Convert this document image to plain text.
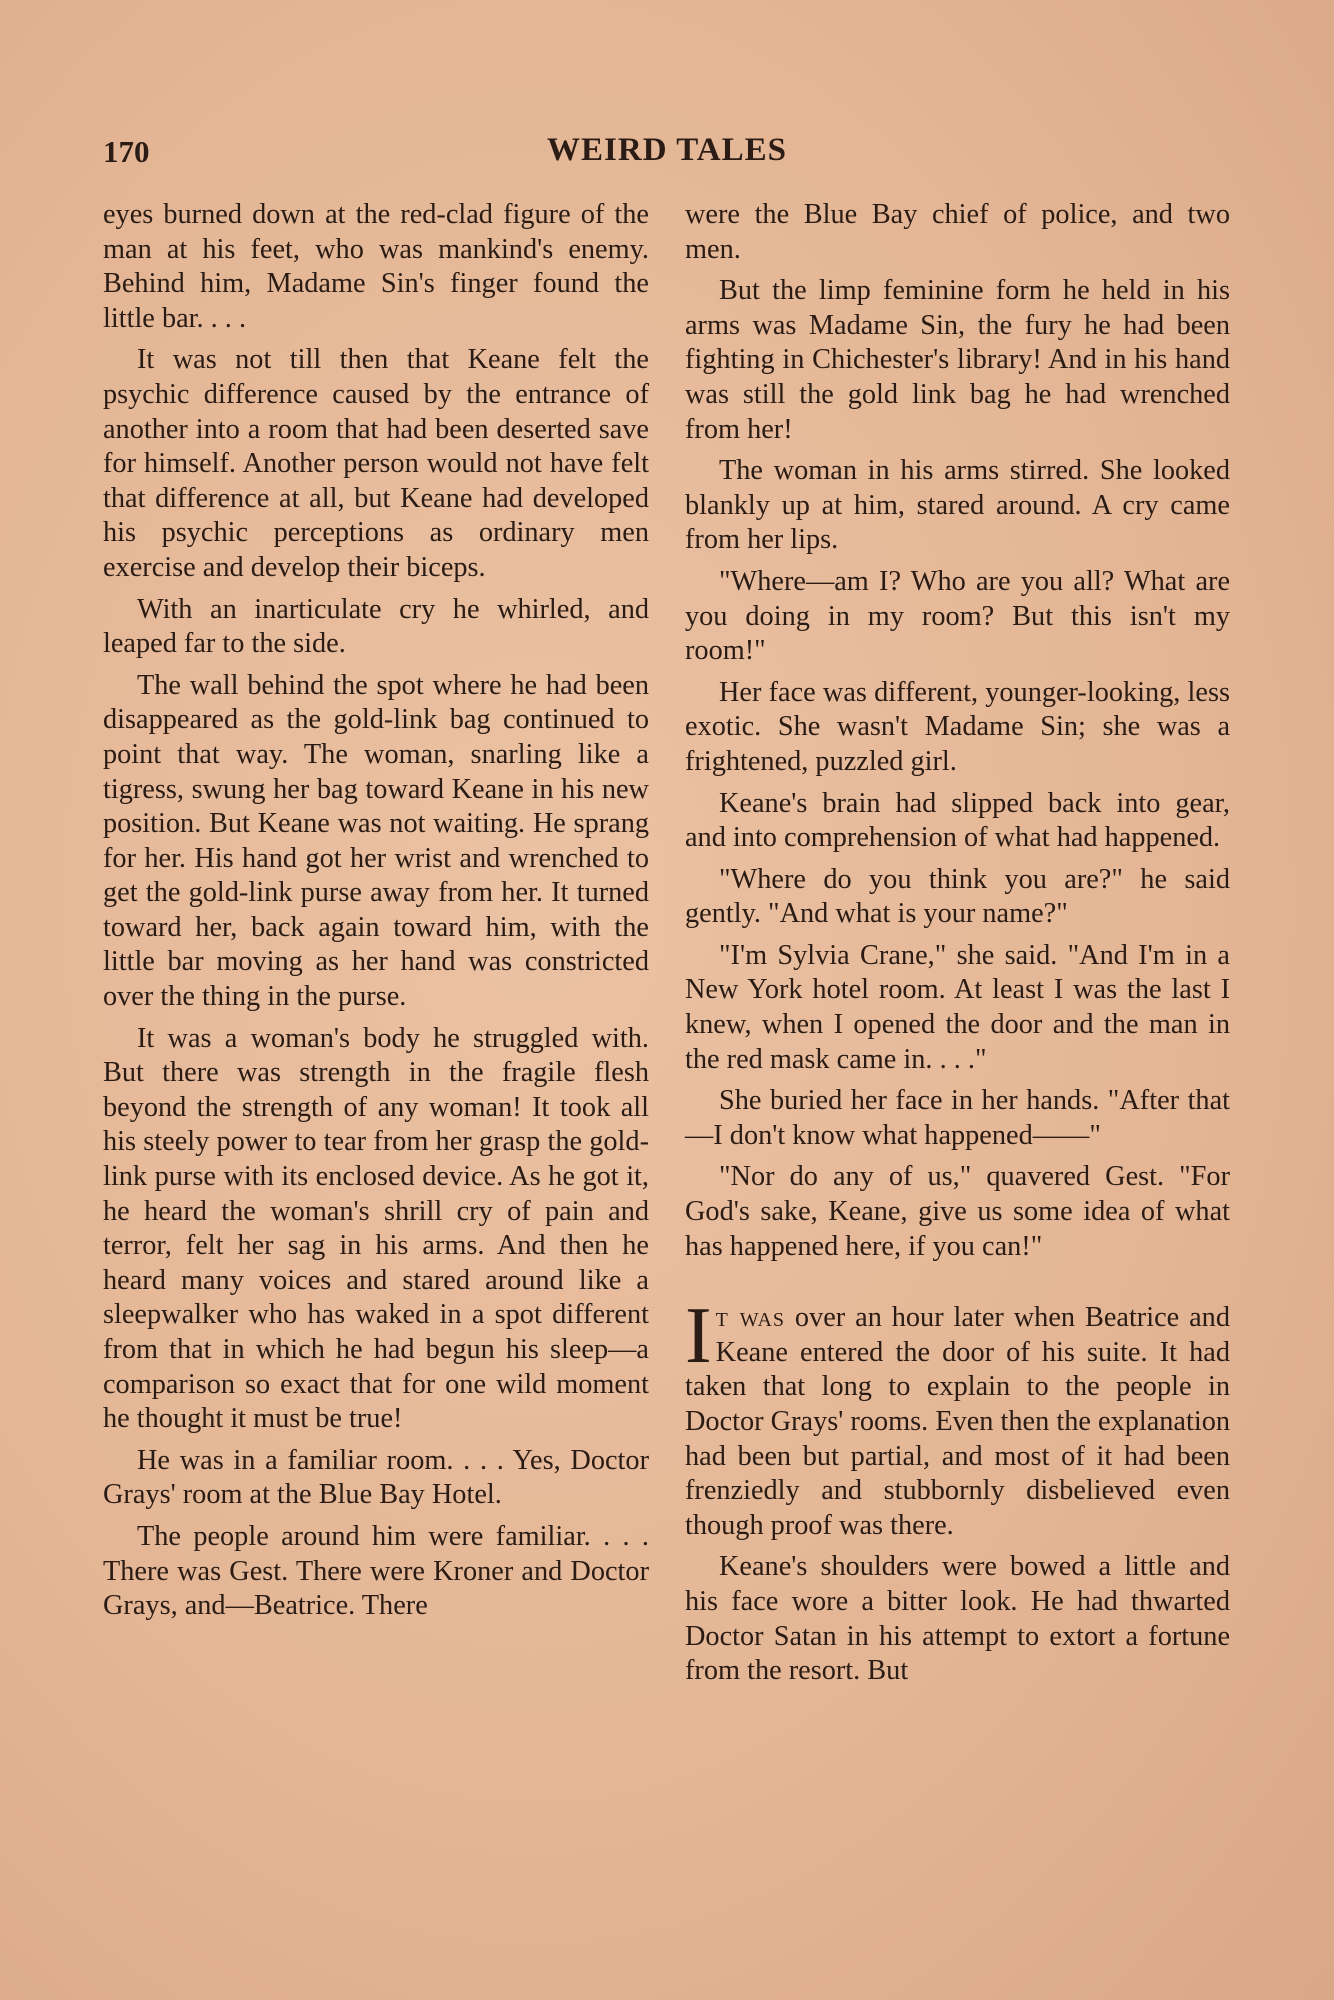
170	WEIRD TALES

eyes burned down at the red-clad figure of the man at his feet, who was mankind's enemy. Behind him, Madame Sin's finger found the little bar. . . .

It was not till then that Keane felt the psychic difference caused by the entrance of another into a room that had been deserted save for himself. Another person would not have felt that difference at all, but Keane had developed his psychic perceptions as ordinary men exercise and develop their biceps.

With an inarticulate cry he whirled, and leaped far to the side.

The wall behind the spot where he had been disappeared as the gold-link bag continued to point that way. The woman, snarling like a tigress, swung her bag toward Keane in his new position. But Keane was not waiting. He sprang for her. His hand got her wrist and wrenched to get the gold-link purse away from her. It turned toward her, back again toward him, with the little bar moving as her hand was constricted over the thing in the purse.

It was a woman's body he struggled with. But there was strength in the fragile flesh beyond the strength of any woman! It took all his steely power to tear from her grasp the gold-link purse with its enclosed device. As he got it, he heard the woman's shrill cry of pain and terror, felt her sag in his arms. And then he heard many voices and stared around like a sleepwalker who has waked in a spot different from that in which he had begun his sleep—a comparison so exact that for one wild moment he thought it must be true!

He was in a familiar room. . . . Yes, Doctor Grays' room at the Blue Bay Hotel.

The people around him were familiar. . . . There was Gest. There were Kroner and Doctor Grays, and—Beatrice. There

were the Blue Bay chief of police, and two men.

But the limp feminine form he held in his arms was Madame Sin, the fury he had been fighting in Chichester's library! And in his hand was still the gold link bag he had wrenched from her!

The woman in his arms stirred. She looked blankly up at him, stared around. A cry came from her lips.

"Where—am I? Who are you all? What are you doing in my room? But this isn't my room!"

Her face was different, younger-looking, less exotic. She wasn't Madame Sin; she was a frightened, puzzled girl.

Keane's brain had slipped back into gear, and into comprehension of what had happened.

"Where do you think you are?" he said gently. "And what is your name?"

"I'm Sylvia Crane," she said. "And I'm in a New York hotel room. At least I was the last I knew, when I opened the door and the man in the red mask came in. . . ."

She buried her face in her hands. "After that—I don't know what happened——"

"Nor do any of us," quavered Gest. "For God's sake, Keane, give us some idea of what has happened here, if you can!"

It was over an hour later when Beatrice and Keane entered the door of his suite. It had taken that long to explain to the people in Doctor Grays' rooms. Even then the explanation had been but partial, and most of it had been frenziedly and stubbornly disbelieved even though proof was there.

Keane's shoulders were bowed a little and his face wore a bitter look. He had thwarted Doctor Satan in his attempt to extort a fortune from the resort. But
